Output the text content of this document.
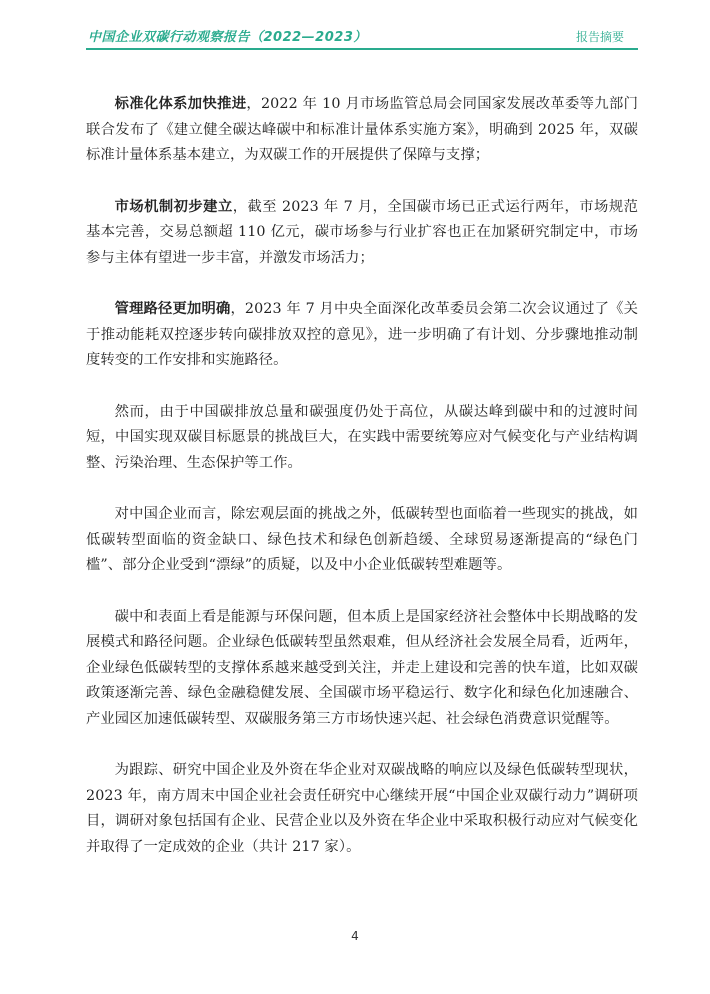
中国企业双碳行动观察报告（2022—2023）	报告摘要

标准化体系加快推进，2022 年 10 月市场监管总局会同国家发展改革委等九部门联合发布了《建立健全碳达峰碳中和标准计量体系实施方案》，明确到 2025 年，双碳标准计量体系基本建立，为双碳工作的开展提供了保障与支撑；

市场机制初步建立，截至 2023 年 7 月，全国碳市场已正式运行两年，市场规范基本完善，交易总额超 110 亿元，碳市场参与行业扩容也正在加紧研究制定中，市场参与主体有望进一步丰富，并激发市场活力；

管理路径更加明确，2023 年 7 月中央全面深化改革委员会第二次会议通过了《关于推动能耗双控逐步转向碳排放双控的意见》，进一步明确了有计划、分步骤地推动制度转变的工作安排和实施路径。

然而，由于中国碳排放总量和碳强度仍处于高位，从碳达峰到碳中和的过渡时间短，中国实现双碳目标愿景的挑战巨大，在实践中需要统筹应对气候变化与产业结构调整、污染治理、生态保护等工作。

对中国企业而言，除宏观层面的挑战之外，低碳转型也面临着一些现实的挑战，如低碳转型面临的资金缺口、绿色技术和绿色创新趋缓、全球贸易逐渐提高的“绿色门槛”、部分企业受到“漂绿”的质疑，以及中小企业低碳转型难题等。

碳中和表面上看是能源与环保问题，但本质上是国家经济社会整体中长期战略的发展模式和路径问题。企业绿色低碳转型虽然艰难，但从经济社会发展全局看，近两年，企业绿色低碳转型的支撑体系越来越受到关注，并走上建设和完善的快车道，比如双碳政策逐渐完善、绿色金融稳健发展、全国碳市场平稳运行、数字化和绿色化加速融合、产业园区加速低碳转型、双碳服务第三方市场快速兴起、社会绿色消费意识觉醒等。

为跟踪、研究中国企业及外资在华企业对双碳战略的响应以及绿色低碳转型现状，2023 年，南方周末中国企业社会责任研究中心继续开展“中国企业双碳行动力”调研项目，调研对象包括国有企业、民营企业以及外资在华企业中采取积极行动应对气候变化并取得了一定成效的企业（共计 217 家）。

4
